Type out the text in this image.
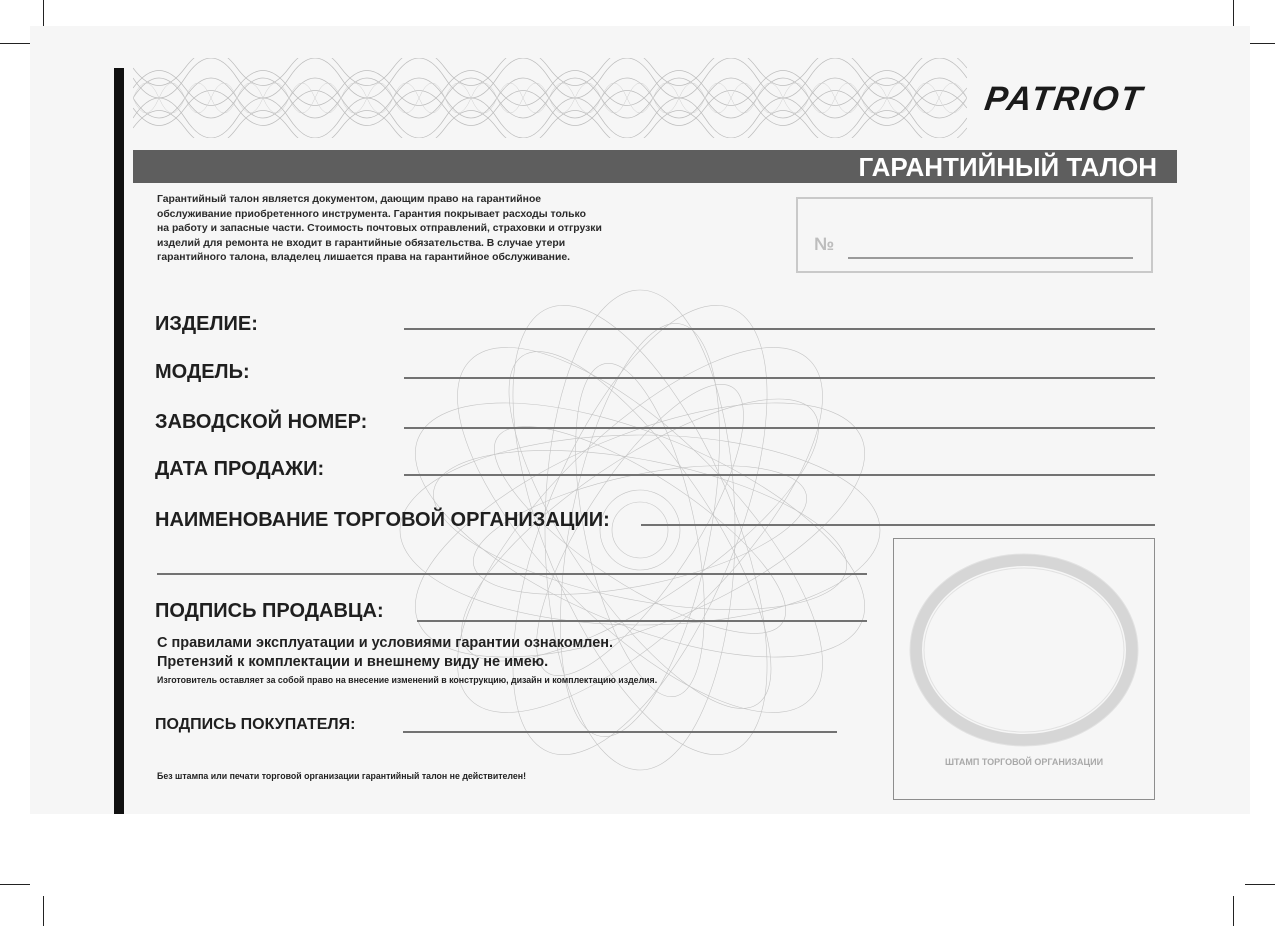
PATRIOT
ГАРАНТИЙНЫЙ ТАЛОН
Гарантийный талон является документом, дающим право на гарантийное
обслуживание приобретенного инструмента. Гарантия покрывает расходы только
на работу и запасные части. Стоимость почтовых отправлений, страховки и отгрузки
изделий для ремонта не входит в гарантийные обязательства. В случае утери
гарантийного талона, владелец лишается права на гарантийное обслуживание.
№
ИЗДЕЛИЕ:
МОДЕЛЬ:
ЗАВОДСКОЙ НОМЕР:
ДАТА ПРОДАЖИ:
НАИМЕНОВАНИЕ ТОРГОВОЙ ОРГАНИЗАЦИИ:
ПОДПИСЬ ПРОДАВЦА:
С правилами эксплуатации и условиями гарантии ознакомлен.
Претензий к комплектации и внешнему виду не имею.
Изготовитель оставляет за собой право на внесение изменений в конструкцию, дизайн и комплектацию изделия.
ПОДПИСЬ ПОКУПАТЕЛЯ:
Без штампа или печати торговой организации гарантийный талон не действителен!
ШТАМП ТОРГОВОЙ ОРГАНИЗАЦИИ
